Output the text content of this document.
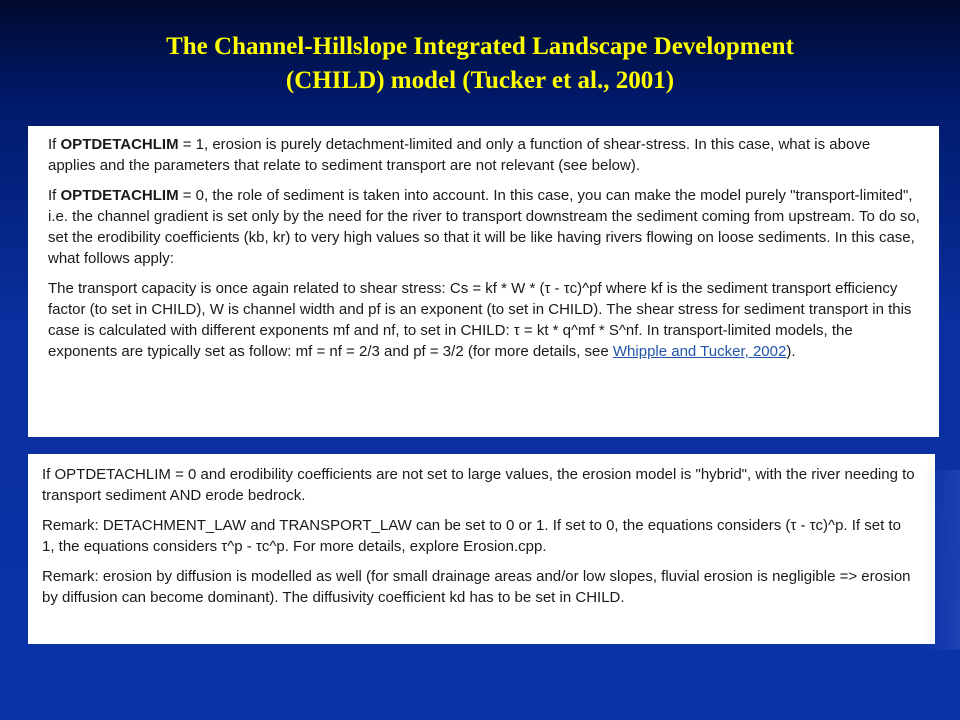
The Channel-Hillslope Integrated Landscape Development
(CHILD) model (Tucker et al., 2001)

If OPTDETACHLIM = 1, erosion is purely detachment-limited and only a function of shear-stress. In this case, what is above applies and the parameters that relate to sediment transport are not relevant (see below).

If OPTDETACHLIM = 0, the role of sediment is taken into account. In this case, you can make the model purely "transport-limited", i.e. the channel gradient is set only by the need for the river to transport downstream the sediment coming from upstream. To do so, set the erodibility coefficients (kb, kr) to very high values so that it will be like having rivers flowing on loose sediments. In this case, what follows apply:

The transport capacity is once again related to shear stress: Cs = kf * W * (τ - τc)^pf where kf is the sediment transport efficiency factor (to set in CHILD), W is channel width and pf is an exponent (to set in CHILD). The shear stress for sediment transport in this case is calculated with different exponents mf and nf, to set in CHILD: τ = kt * q^mf * S^nf. In transport-limited models, the exponents are typically set as follow: mf = nf = 2/3 and pf = 3/2 (for more details, see Whipple and Tucker, 2002).

If OPTDETACHLIM = 0 and erodibility coefficients are not set to large values, the erosion model is "hybrid", with the river needing to transport sediment AND erode bedrock.

Remark: DETACHMENT_LAW and TRANSPORT_LAW can be set to 0 or 1. If set to 0, the equations considers (τ - τc)^p. If set to 1, the equations considers τ^p - τc^p. For more details, explore Erosion.cpp.

Remark: erosion by diffusion is modelled as well (for small drainage areas and/or low slopes, fluvial erosion is negligible => erosion by diffusion can become dominant). The diffusivity coefficient kd has to be set in CHILD.
